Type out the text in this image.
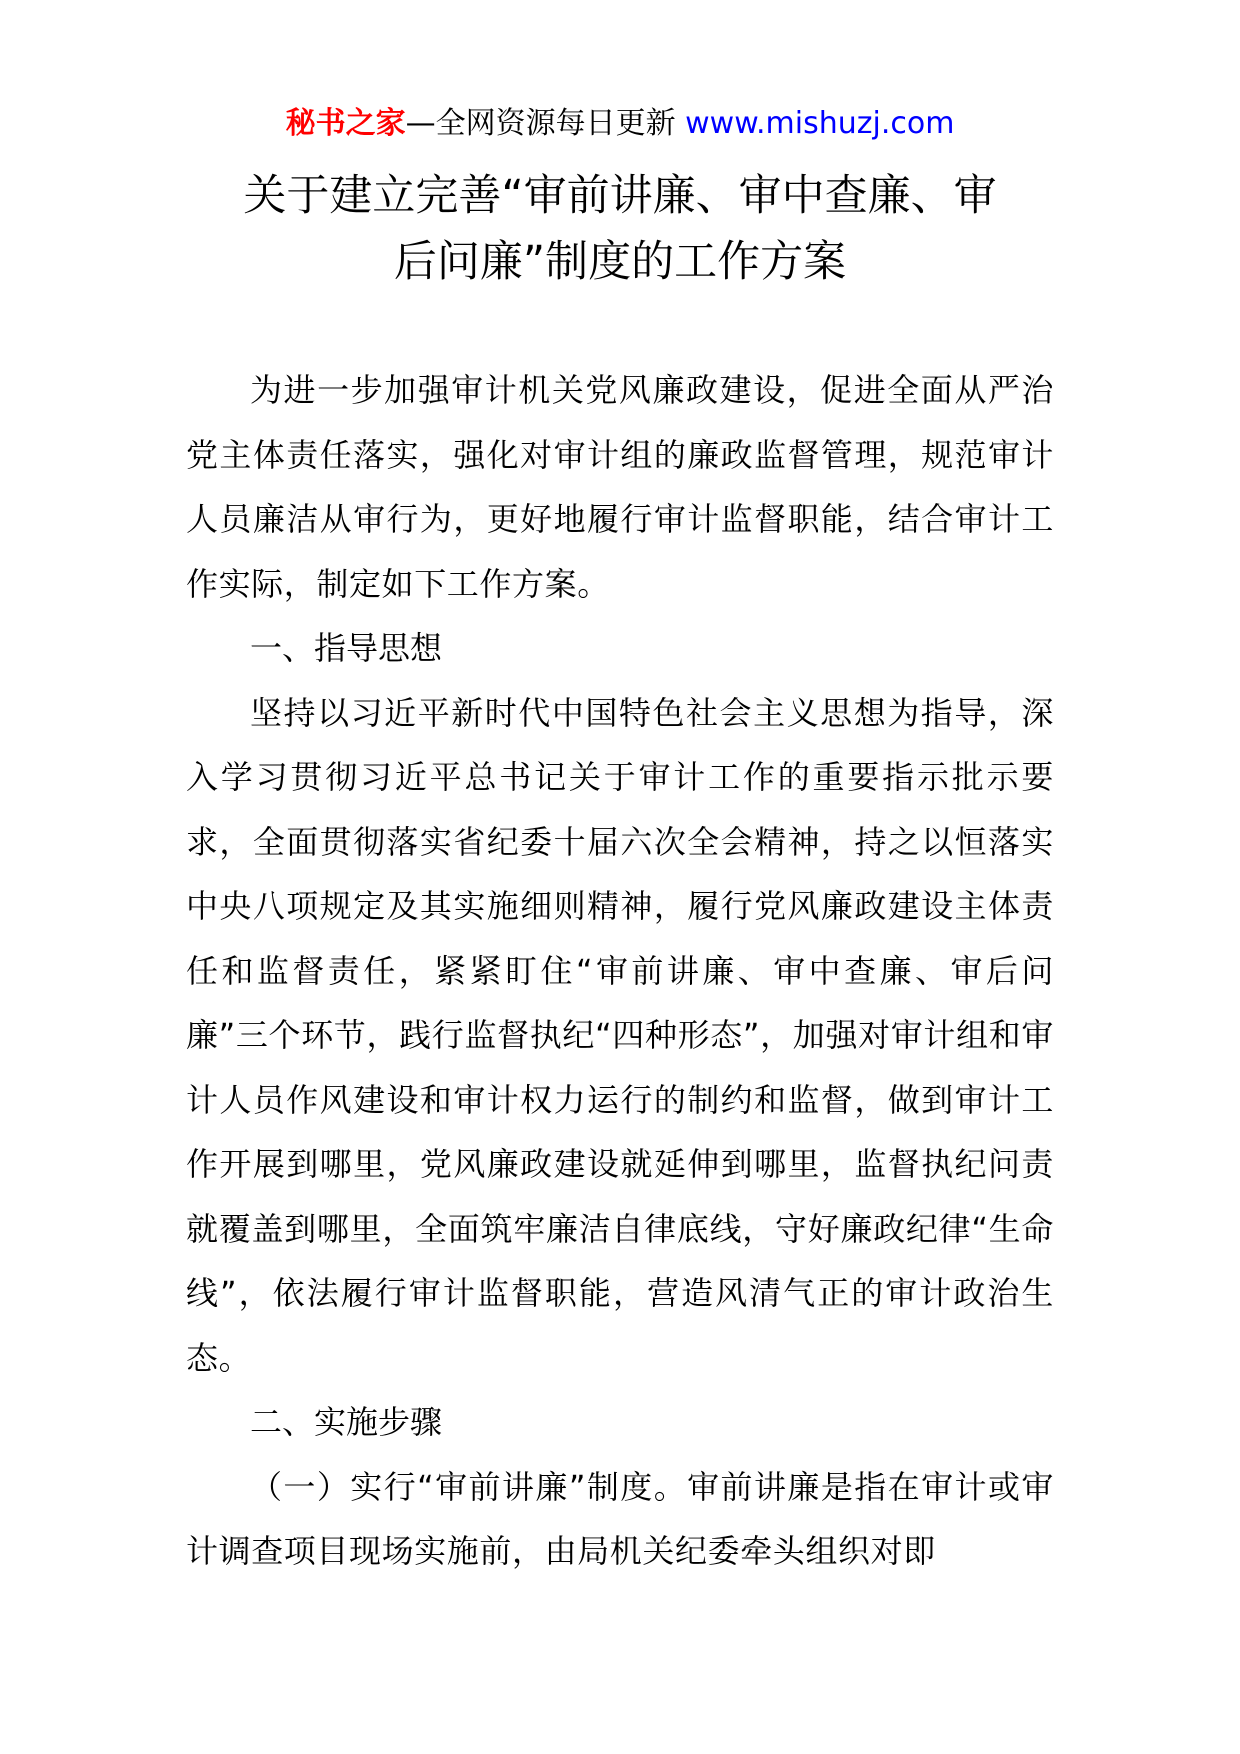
秘书之家—全网资源每日更新 www.mishuzj.com
关于建立完善“审前讲廉、审中查廉、审
后问廉”制度的工作方案

为进一步加强审计机关党风廉政建设，促进全面从严治党主体责任落实，强化对审计组的廉政监督管理，规范审计人员廉洁从审行为，更好地履行审计监督职能，结合审计工作实际，制定如下工作方案。

一、指导思想

坚持以习近平新时代中国特色社会主义思想为指导，深入学习贯彻习近平总书记关于审计工作的重要指示批示要求，全面贯彻落实省纪委十届六次全会精神，持之以恒落实中央八项规定及其实施细则精神，履行党风廉政建设主体责任和监督责任，紧紧盯住“审前讲廉、审中查廉、审后问廉”三个环节，践行监督执纪“四种形态”，加强对审计组和审计人员作风建设和审计权力运行的制约和监督，做到审计工作开展到哪里，党风廉政建设就延伸到哪里，监督执纪问责就覆盖到哪里，全面筑牢廉洁自律底线，守好廉政纪律“生命线”，依法履行审计监督职能，营造风清气正的审计政治生态。

二、实施步骤

（一）实行“审前讲廉”制度。审前讲廉是指在审计或审计调查项目现场实施前，由局机关纪委牵头组织对即
